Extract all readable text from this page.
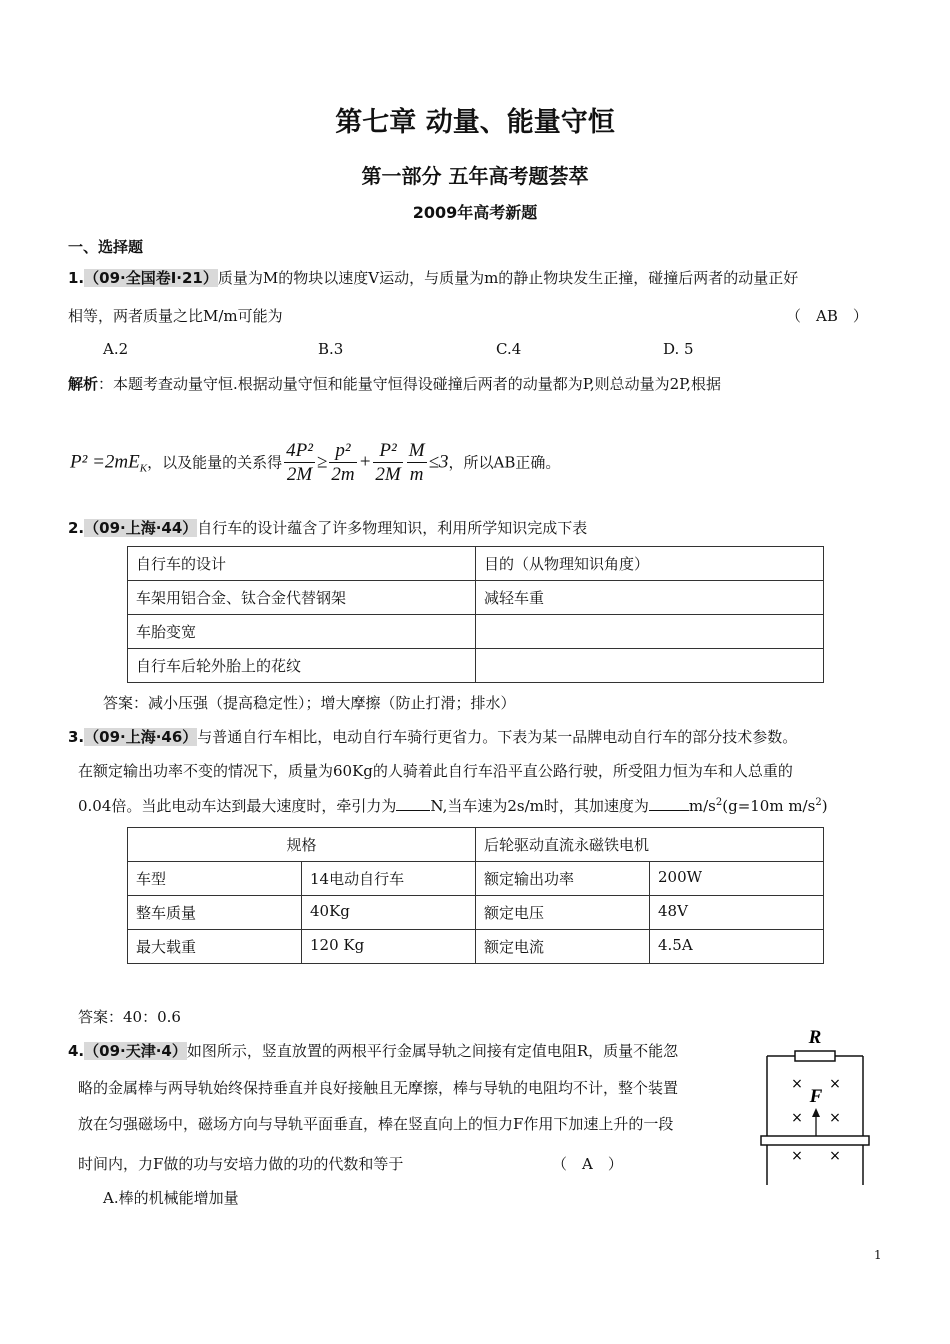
第七章 动量、能量守恒
第一部分 五年高考题荟萃
2009年高考新题
一、选择题
1.（09·全国卷Ⅰ·21）质量为M的物块以速度V运动，与质量为m的静止物块发生正撞，碰撞后两者的动量正好
相等，两者质量之比M/m可能为	（　AB　）
A.2	B.3	C.4	D. 5
解析：本题考查动量守恒.根据动量守恒和能量守恒得设碰撞后两者的动量都为P,则总动量为2P,根据
$P^2 =2mE_K$，以及能量的关系得 $\frac{\text{4P²}}{2M} \ge \frac{\text{p²}}{2m} + \frac{\text{P²}}{2M} \frac{M}{m} \le 3$，所以AB正确。
2.（09·上海·44）自行车的设计蕴含了许多物理知识，利用所学知识完成下表
自行车的设计	目的（从物理知识角度）
车架用铝合金、钛合金代替钢架	减轻车重
车胎变宽	
自行车后轮外胎上的花纹	
答案：减小压强（提高稳定性）；增大摩擦（防止打滑；排水）
3.（09·上海·46）与普通自行车相比，电动自行车骑行更省力。下表为某一品牌电动自行车的部分技术参数。
在额定输出功率不变的情况下，质量为60Kg的人骑着此自行车沿平直公路行驶，所受阻力恒为车和人总重的
0.04倍。当此电动车达到最大速度时，牵引力为 N,当车速为2s/m时，其加速度为	$m/s^2(g=10m$ $m/s^2$)
规格		后轮驱动直流永磁铁电机	
车型	14电动自行车	额定输出功率	200W
整车质量	40Kg	额定电压	48V
最大载重	120 Kg	额定电流	4.5A
答案：40：0.6
4.（09·天津·4）如图所示，竖直放置的两根平行金属导轨之间接有定值电阻R，质量不能忽
略的金属棒与两导轨始终保持垂直并良好接触且无摩擦，棒与导轨的电阻均不计，整个装置
放在匀强磁场中，磁场方向与导轨平面垂直，棒在竖直向上的恒力F作用下加速上升的一段
时间内，力F做的功与安培力做的功的代数和等于	（　A　）
A.棒的机械能增加量
R
× ×
× ×
× ×
F
1
